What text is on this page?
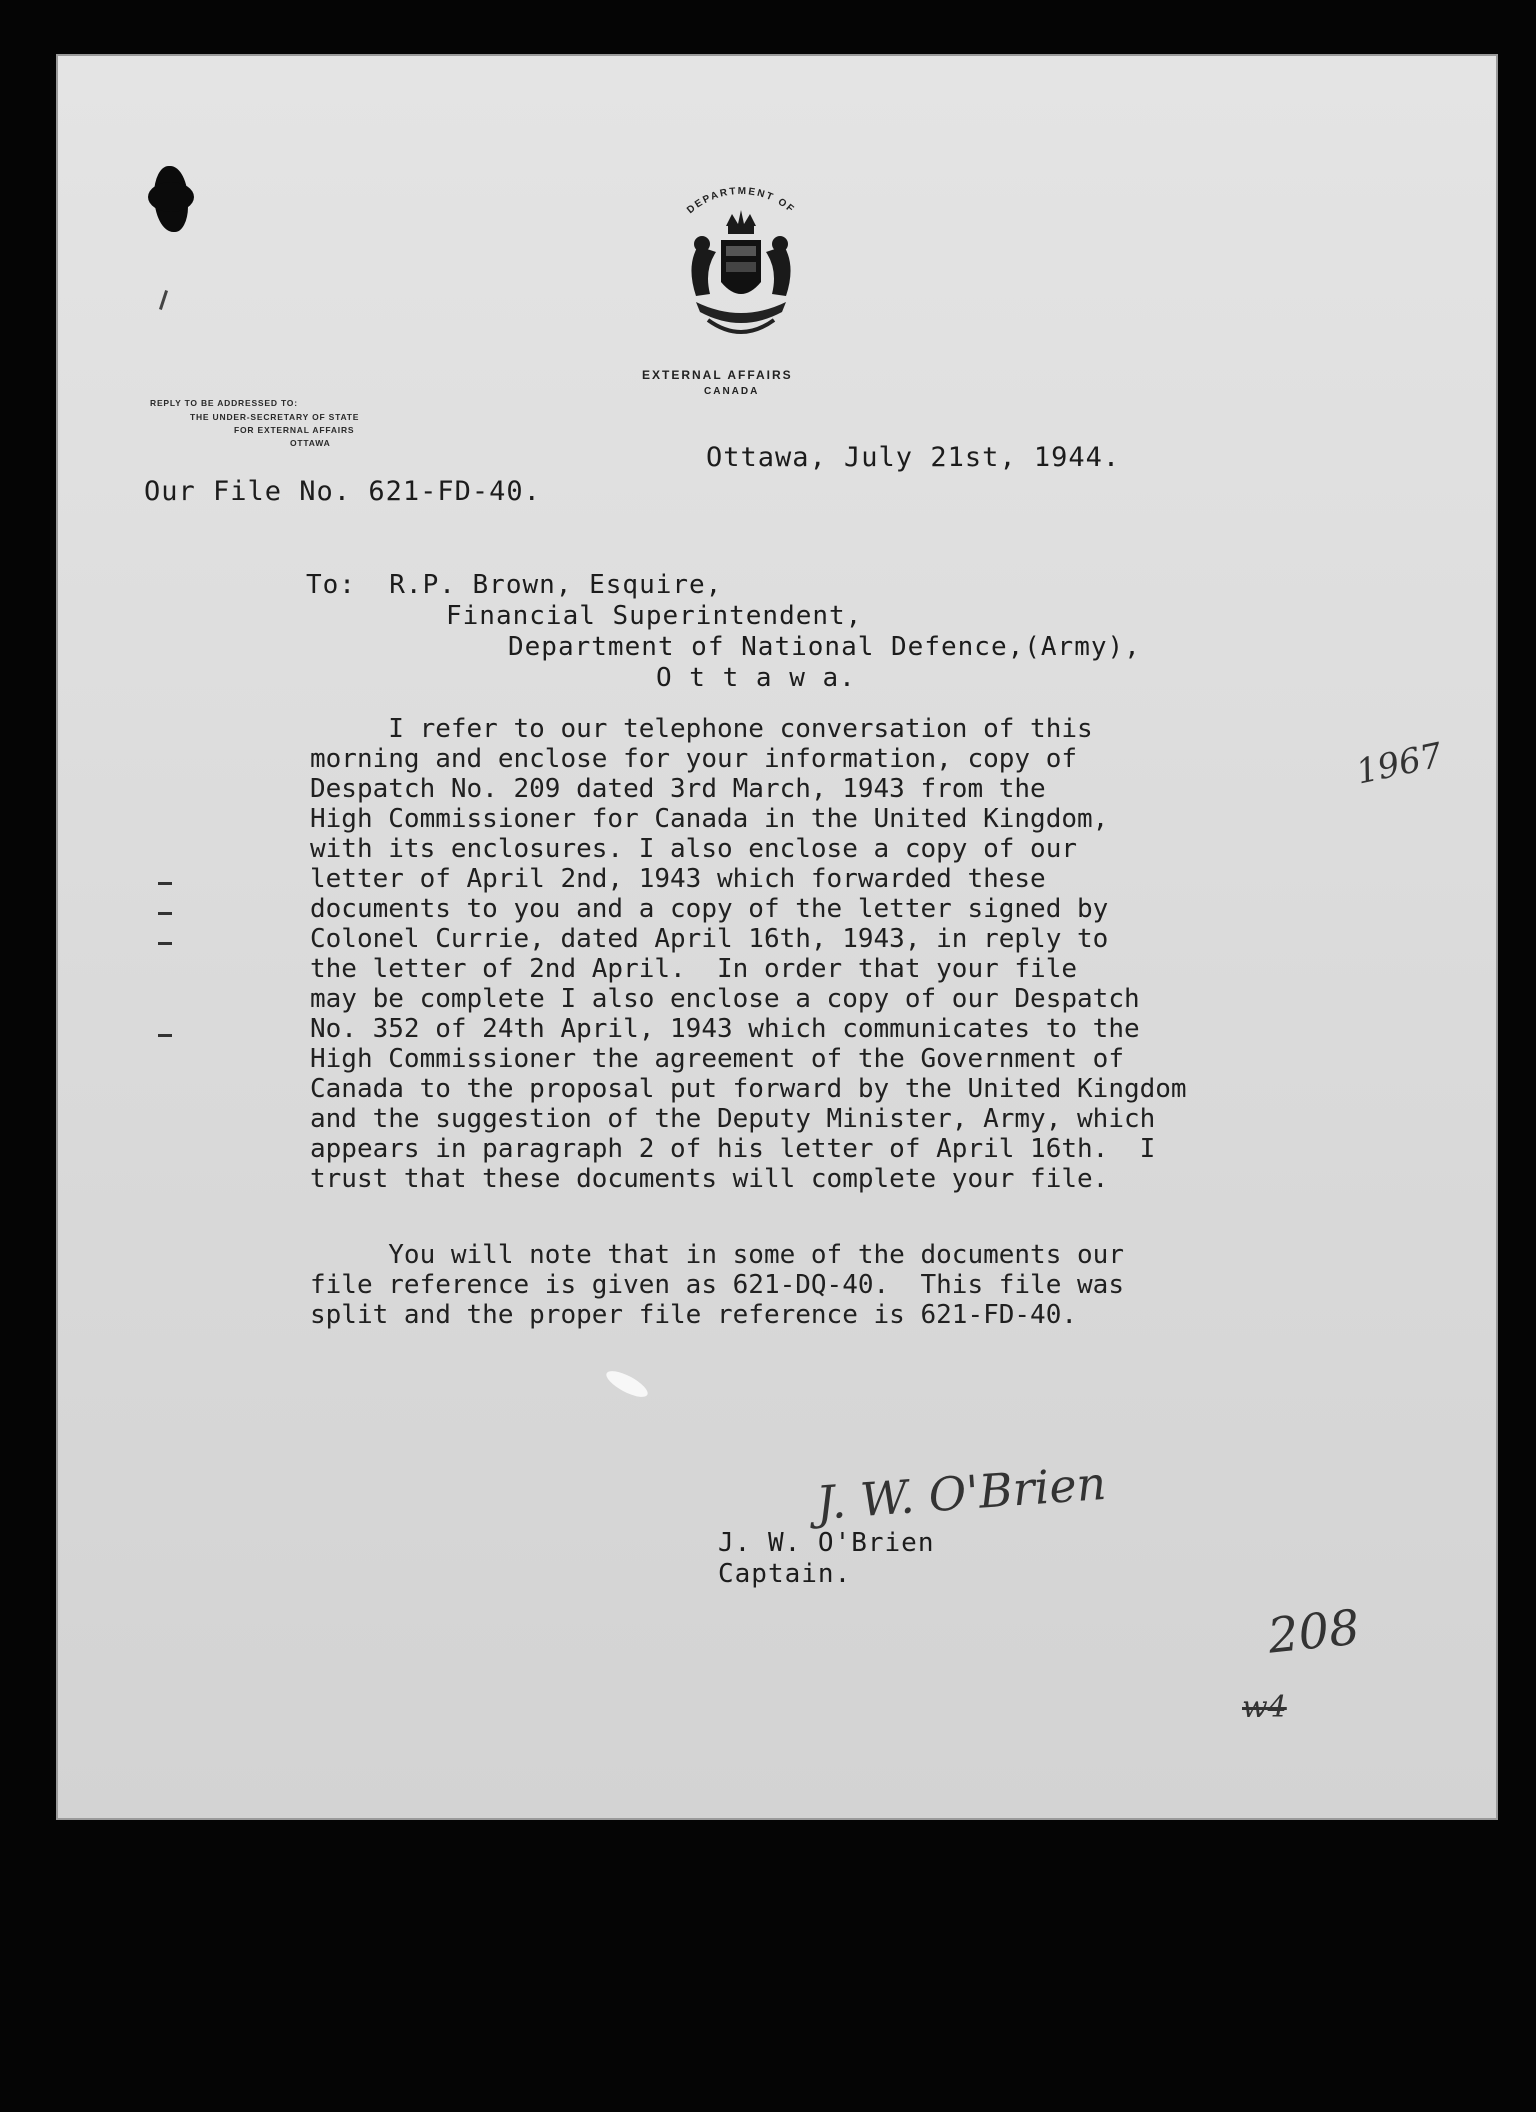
DEPARTMENT OF
EXTERNAL AFFAIRS
CANADA
REPLY TO BE ADDRESSED TO:
THE UNDER-SECRETARY OF STATE
FOR EXTERNAL AFFAIRS
OTTAWA	Ottawa, July 21st, 1944.
Our File No. 621-FD-40.
To:  R.P. Brown, Esquire,
Financial Superintendent,
Department of National Defence,(Army),
O t t a w a.
I refer to our telephone conversation of this
morning and enclose for your information, copy of
Despatch No. 209 dated 3rd March, 1943 from the
High Commissioner for Canada in the United Kingdom,
with its enclosures. I also enclose a copy of our
letter of April 2nd, 1943 which forwarded these
documents to you and a copy of the letter signed by
Colonel Currie, dated April 16th, 1943, in reply to
the letter of 2nd April.  In order that your file
may be complete I also enclose a copy of our Despatch
No. 352 of 24th April, 1943 which communicates to the
High Commissioner the agreement of the Government of
Canada to the proposal put forward by the United Kingdom
and the suggestion of the Deputy Minister, Army, which
appears in paragraph 2 of his letter of April 16th.  I
trust that these documents will complete your file.
1967
You will note that in some of the documents our
file reference is given as 621-DQ-40.  This file was
split and the proper file reference is 621-FD-40.
J. W. O'Brien
J. W. O'Brien
Captain.
208
w4
